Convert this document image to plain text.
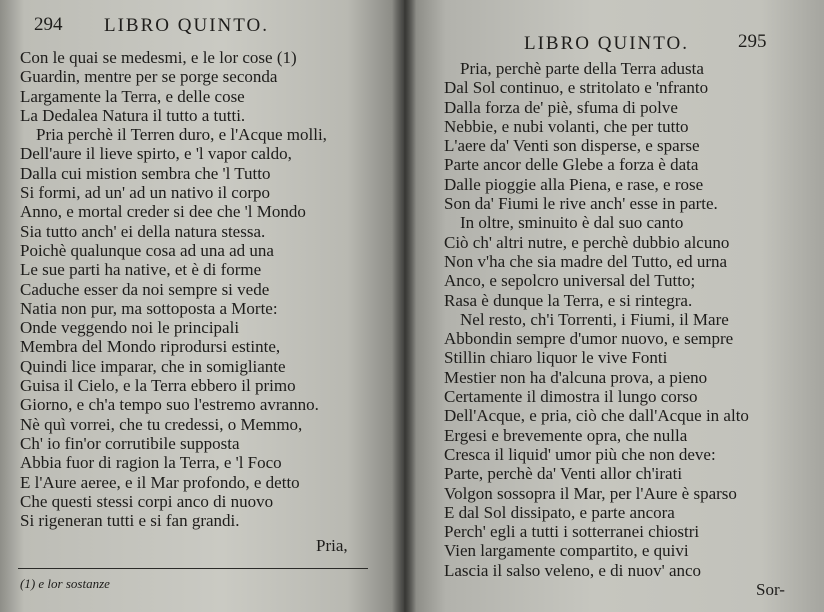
294 LIBRO QUINTO.
Con le quai se medesmi, e le lor cose (1)
Guardin, mentre per se porge seconda
Largamente la Terra, e delle cose
La Dedalea Natura il tutto a tutti.
Pria perchè il Terren duro, e l'Acque molli,
Dell'aure il lieve spirto, e 'l vapor caldo,
Dalla cui mistion sembra che 'l Tutto
Si formi, ad un' ad un nativo il corpo
Anno, e mortal creder si dee che 'l Mondo
Sia tutto anch' ei della natura stessa.
Poichè qualunque cosa ad una ad una
Le sue parti ha native, et è di forme
Caduche esser da noi sempre si vede
Natia non pur, ma sottoposta a Morte:
Onde veggendo noi le principali
Membra del Mondo riprodursi estinte,
Quindi lice imparar, che in somigliante
Guisa il Cielo, e la Terra ebbero il primo
Giorno, e ch'a tempo suo l'estremo avranno.
Nè quì vorrei, che tu credessi, o Memmo,
Ch' io fin'or corrutibile supposta
Abbia fuor di ragion la Terra, e 'l Foco
E l'Aure aeree, e il Mar profondo, e detto
Che questi stessi corpi anco di nuovo
Si rigeneran tutti e si fan grandi.
Pria,
(1) e lor sostanze
LIBRO QUINTO.	295
Pria, perchè parte della Terra adusta
Dal Sol continuo, e stritolato e 'nfranto
Dalla forza de' piè, sfuma di polve
Nebbie, e nubi volanti, che per tutto
L'aere da' Venti son disperse, e sparse
Parte ancor delle Glebe a forza è data
Dalle pioggie alla Piena, e rase, e rose
Son da' Fiumi le rive anch' esse in parte.
In oltre, sminuito è dal suo canto
Ciò ch' altri nutre, e perchè dubbio alcuno
Non v'ha che sia madre del Tutto, ed urna
Anco, e sepolcro universal del Tutto;
Rasa è dunque la Terra, e si rintegra.
Nel resto, ch'i Torrenti, i Fiumi, il Mare
Abbondin sempre d'umor nuovo, e sempre
Stillin chiaro liquor le vive Fonti
Mestier non ha d'alcuna prova, a pieno
Certamente il dimostra il lungo corso
Dell'Acque, e pria, ciò che dall'Acque in alto
Ergesi e brevemente opra, che nulla
Cresca il liquid' umor più che non deve:
Parte, perchè da' Venti allor ch'irati
Volgon sossopra il Mar, per l'Aure è sparso
E dal Sol dissipato, e parte ancora
Perch' egli a tutti i sotterranei chiostri
Vien largamente compartito, e quivi
Lascia il salso veleno, e di nuov' anco
Sor-
